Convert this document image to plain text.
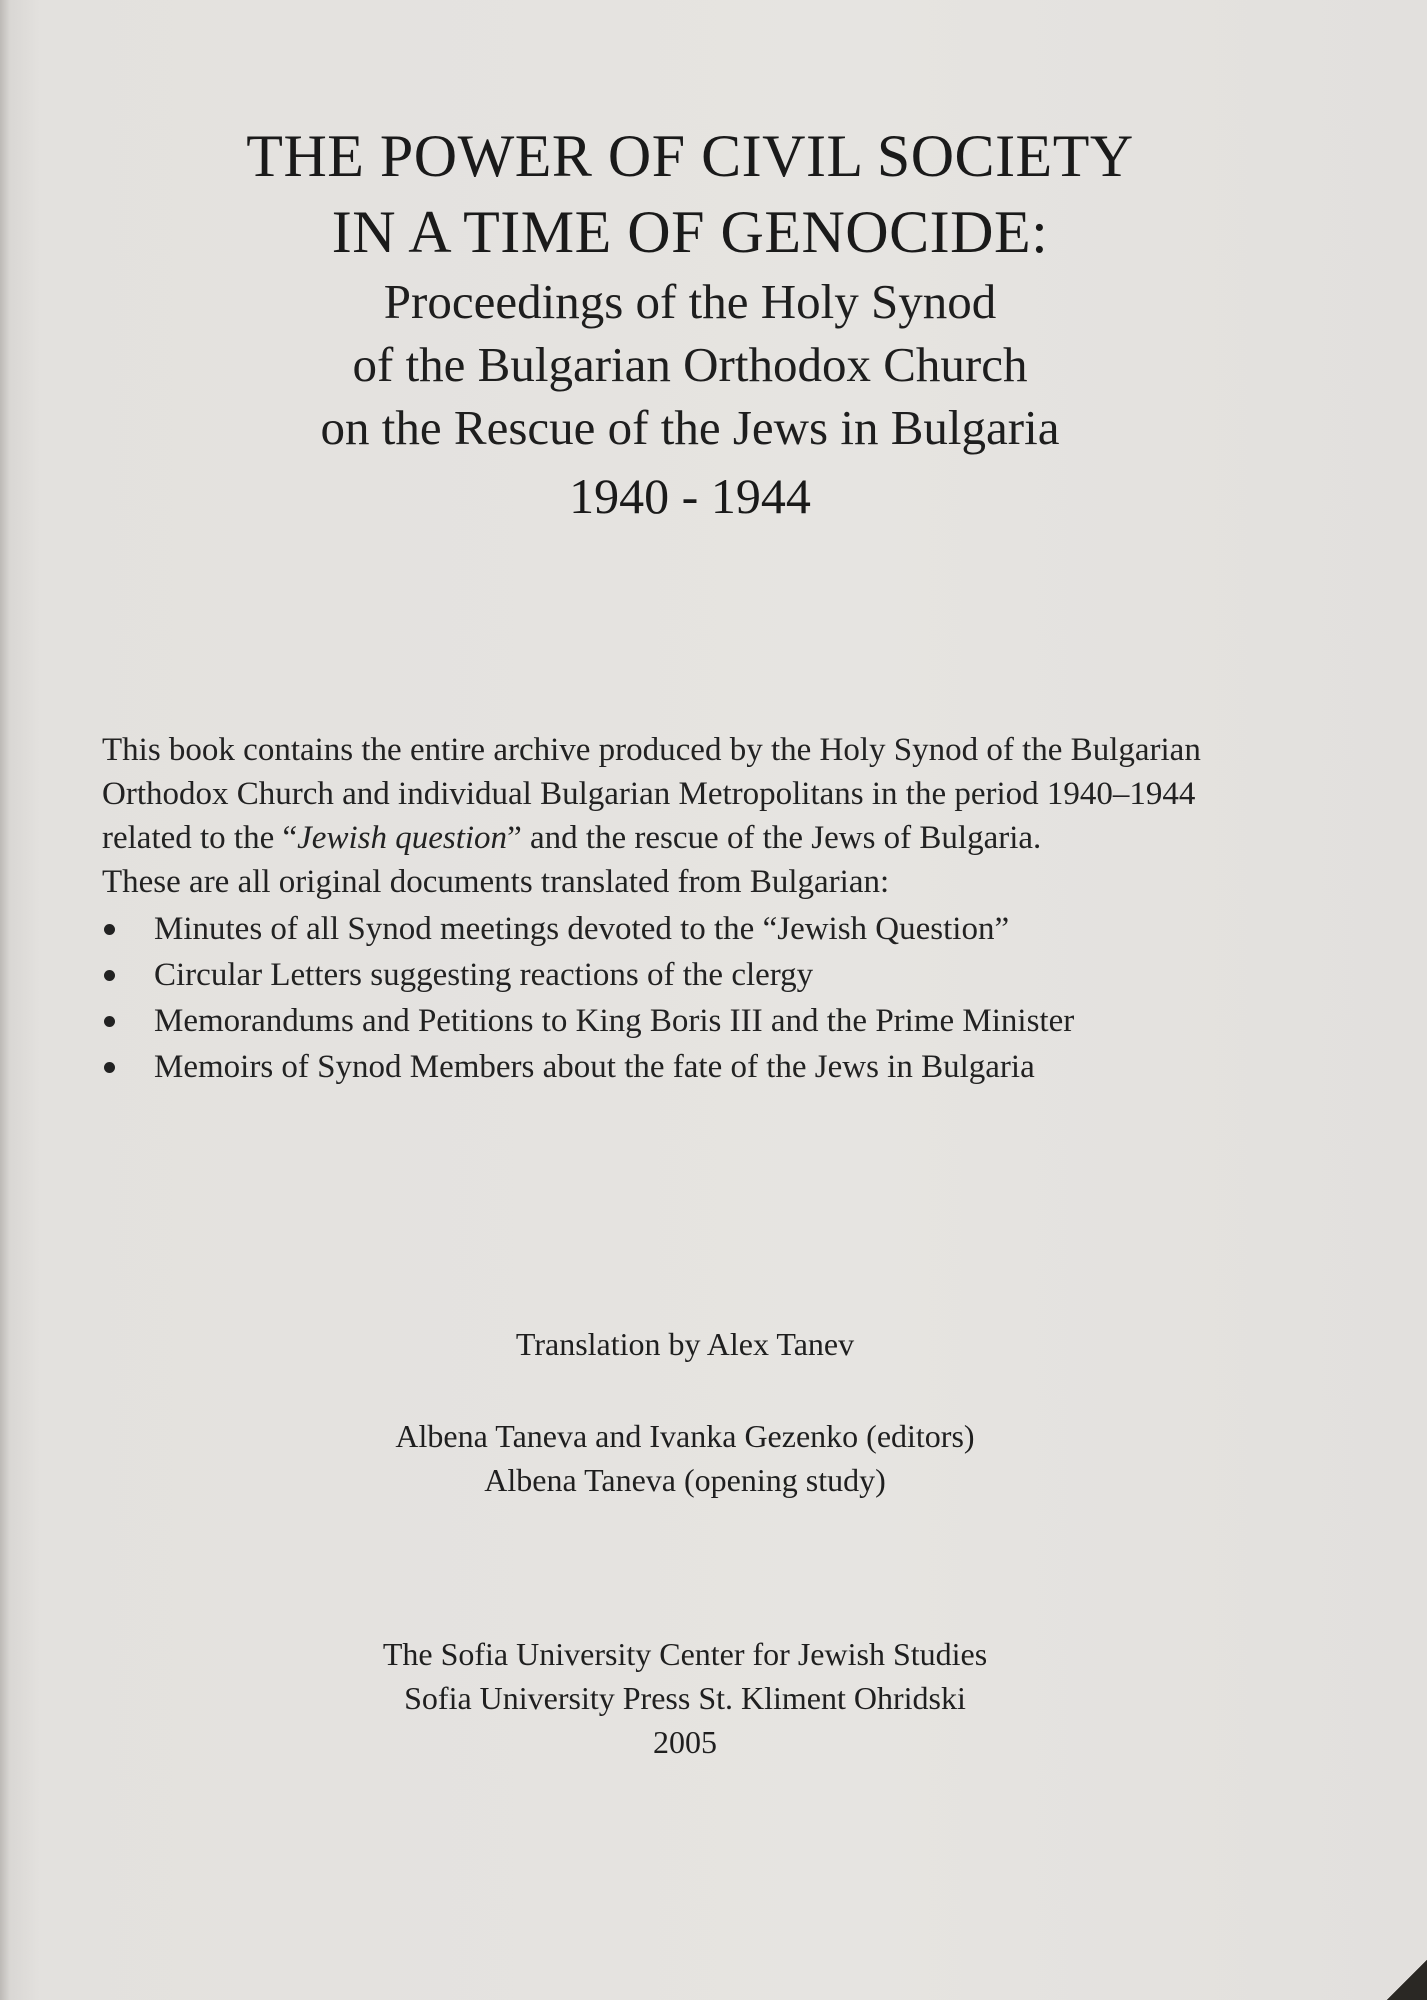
THE POWER OF CIVIL SOCIETY
IN A TIME OF GENOCIDE:
Proceedings of the Holy Synod
of the Bulgarian Orthodox Church
on the Rescue of the Jews in Bulgaria
1940 - 1944

This book contains the entire archive produced by the Holy Synod of the Bulgarian Orthodox Church and individual Bulgarian Metropolitans in the period 1940–1944 related to the “Jewish question” and the rescue of the Jews of Bulgaria.

These are all original documents translated from Bulgarian:

Minutes of all Synod meetings devoted to the “Jewish Question”
Circular Letters suggesting reactions of the clergy
Memorandums and Petitions to King Boris III and the Prime Minister
Memoirs of Synod Members about the fate of the Jews in Bulgaria

Translation by Alex Tanev

Albena Taneva and Ivanka Gezenko (editors)

Albena Taneva (opening study)

The Sofia University Center for Jewish Studies

Sofia University Press St. Kliment Ohridski

2005
